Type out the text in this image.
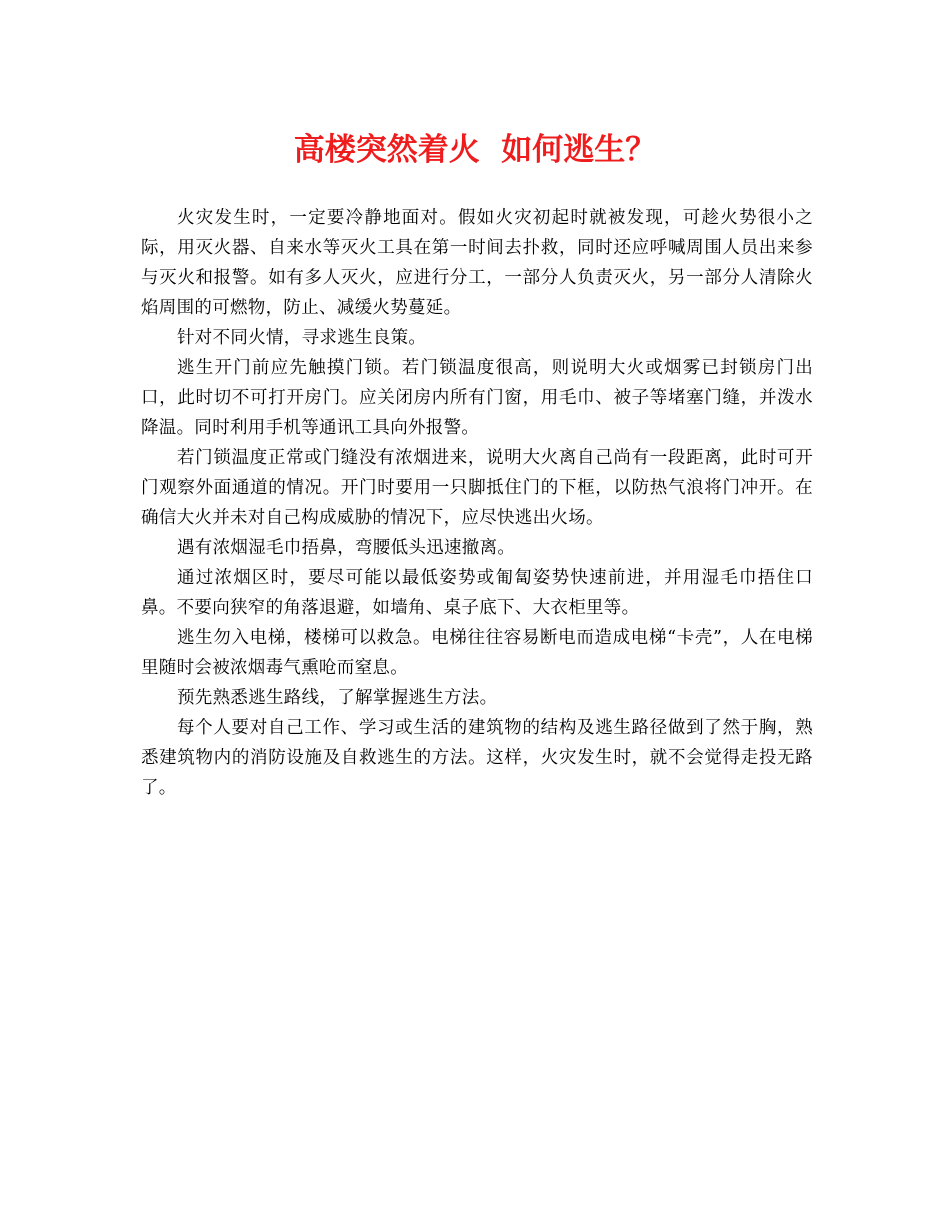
高楼突然着火  如何逃生？

火灾发生时，一定要冷静地面对。假如火灾初起时就被发现，可趁火势很小之际，用灭火器、自来水等灭火工具在第一时间去扑救，同时还应呼喊周围人员出来参与灭火和报警。如有多人灭火，应进行分工，一部分人负责灭火，另一部分人清除火焰周围的可燃物，防止、减缓火势蔓延。

针对不同火情，寻求逃生良策。

逃生开门前应先触摸门锁。若门锁温度很高，则说明大火或烟雾已封锁房门出口，此时切不可打开房门。应关闭房内所有门窗，用毛巾、被子等堵塞门缝，并泼水降温。同时利用手机等通讯工具向外报警。

若门锁温度正常或门缝没有浓烟进来，说明大火离自己尚有一段距离，此时可开门观察外面通道的情况。开门时要用一只脚抵住门的下框，以防热气浪将门冲开。在确信大火并未对自己构成威胁的情况下，应尽快逃出火场。

遇有浓烟湿毛巾捂鼻，弯腰低头迅速撤离。

通过浓烟区时，要尽可能以最低姿势或匍匐姿势快速前进，并用湿毛巾捂住口鼻。不要向狭窄的角落退避，如墙角、桌子底下、大衣柜里等。

逃生勿入电梯，楼梯可以救急。电梯往往容易断电而造成电梯“卡壳”，人在电梯里随时会被浓烟毒气熏呛而窒息。

预先熟悉逃生路线，了解掌握逃生方法。

每个人要对自己工作、学习或生活的建筑物的结构及逃生路径做到了然于胸，熟悉建筑物内的消防设施及自救逃生的方法。这样，火灾发生时，就不会觉得走投无路了。
